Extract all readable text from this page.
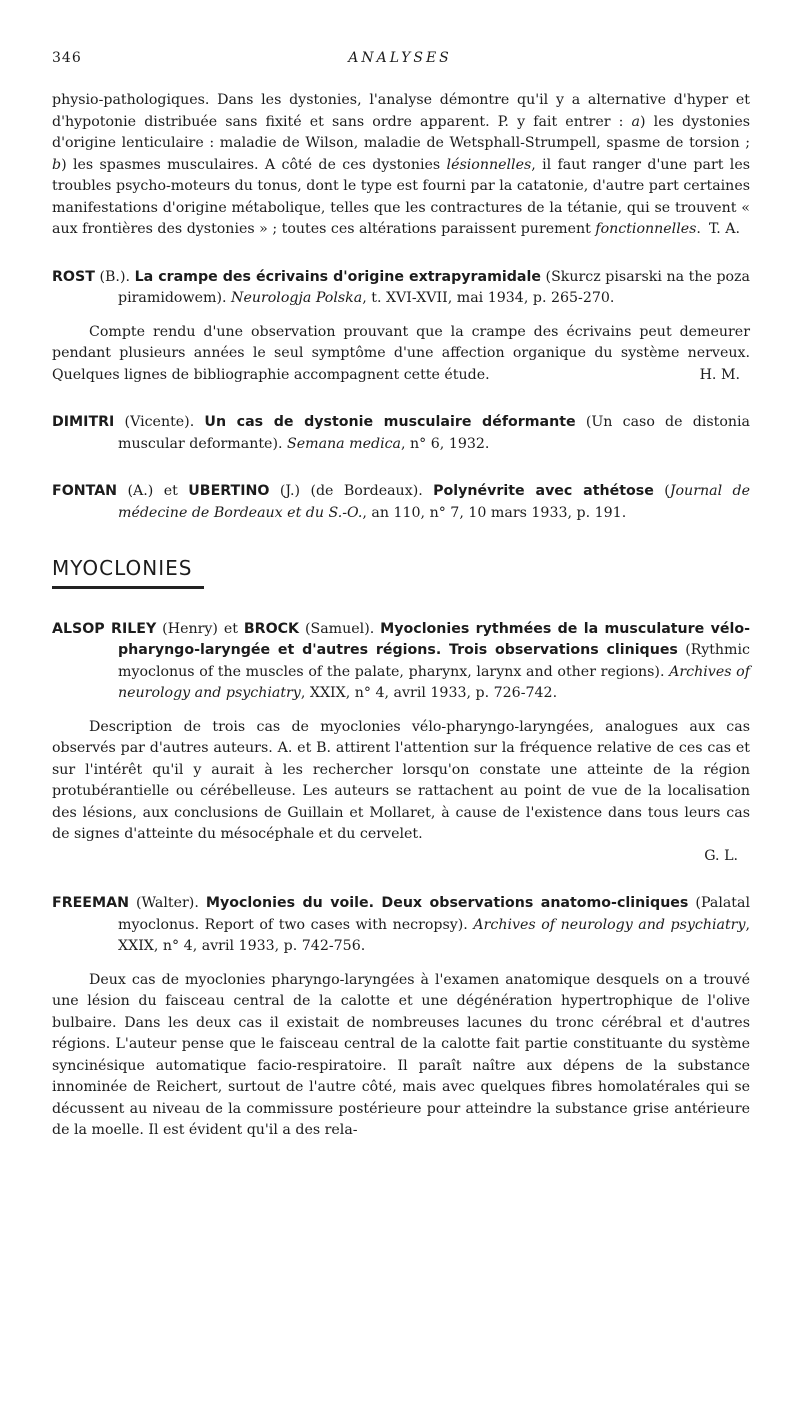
346	ANALYSES

physio-pathologiques. Dans les dystonies, l'analyse démontre qu'il y a alternative d'hyper et d'hypotonie distribuée sans fixité et sans ordre apparent. P. y fait entrer : a) les dystonies d'origine lenticulaire : maladie de Wilson, maladie de Wetsphall-Strumpell, spasme de torsion ; b) les spasmes musculaires. A côté de ces dystonies lésionnelles, il faut ranger d'une part les troubles psycho-moteurs du tonus, dont le type est fourni par la catatonie, d'autre part certaines manifestations d'origine métabolique, telles que les contractures de la tétanie, qui se trouvent « aux frontières des dystonies » ; toutes ces altérations paraissent purement fonctionnelles. T. A.

ROST (B.). La crampe des écrivains d'origine extrapyramidale (Skurcz pisarski na the poza piramidowem). Neurologja Polska, t. XVI-XVII, mai 1934, p. 265-270.

Compte rendu d'une observation prouvant que la crampe des écrivains peut demeurer pendant plusieurs années le seul symptôme d'une affection organique du système nerveux. Quelques lignes de bibliographie accompagnent cette étude.	H. M.

DIMITRI (Vicente). Un cas de dystonie musculaire déformante (Un caso de distonia muscular deformante). Semana medica, n° 6, 1932.

FONTAN (A.) et UBERTINO (J.) (de Bordeaux). Polynévrite avec athétose (Journal de médecine de Bordeaux et du S.-O., an 110, n° 7, 10 mars 1933, p. 191.

MYOCLONIES

ALSOP RILEY (Henry) et BROCK (Samuel). Myoclonies rythmées de la musculature vélo-pharyngo-laryngée et d'autres régions. Trois observations cliniques (Rythmic myoclonus of the muscles of the palate, pharynx, larynx and other regions). Archives of neurology and psychiatry, XXIX, n° 4, avril 1933, p. 726-742.

Description de trois cas de myoclonies vélo-pharyngo-laryngées, analogues aux cas observés par d'autres auteurs. A. et B. attirent l'attention sur la fréquence relative de ces cas et sur l'intérêt qu'il y aurait à les rechercher lorsqu'on constate une atteinte de la région protubérantielle ou cérébelleuse. Les auteurs se rattachent au point de vue de la localisation des lésions, aux conclusions de Guillain et Mollaret, à cause de l'existence dans tous leurs cas de signes d'atteinte du mésocéphale et du cervelet.

G. L.

FREEMAN (Walter). Myoclonies du voile. Deux observations anatomo-cliniques (Palatal myoclonus. Report of two cases with necropsy). Archives of neurology and psychiatry, XXIX, n° 4, avril 1933, p. 742-756.

Deux cas de myoclonies pharyngo-laryngées à l'examen anatomique desquels on a trouvé une lésion du faisceau central de la calotte et une dégénération hypertrophique de l'olive bulbaire. Dans les deux cas il existait de nombreuses lacunes du tronc cérébral et d'autres régions. L'auteur pense que le faisceau central de la calotte fait partie constituante du système syncinésique automatique facio-respiratoire. Il paraît naître aux dépens de la substance innominée de Reichert, surtout de l'autre côté, mais avec quelques fibres homolatérales qui se décussent au niveau de la commissure postérieure pour atteindre la substance grise antérieure de la moelle. Il est évident qu'il a des rela-
